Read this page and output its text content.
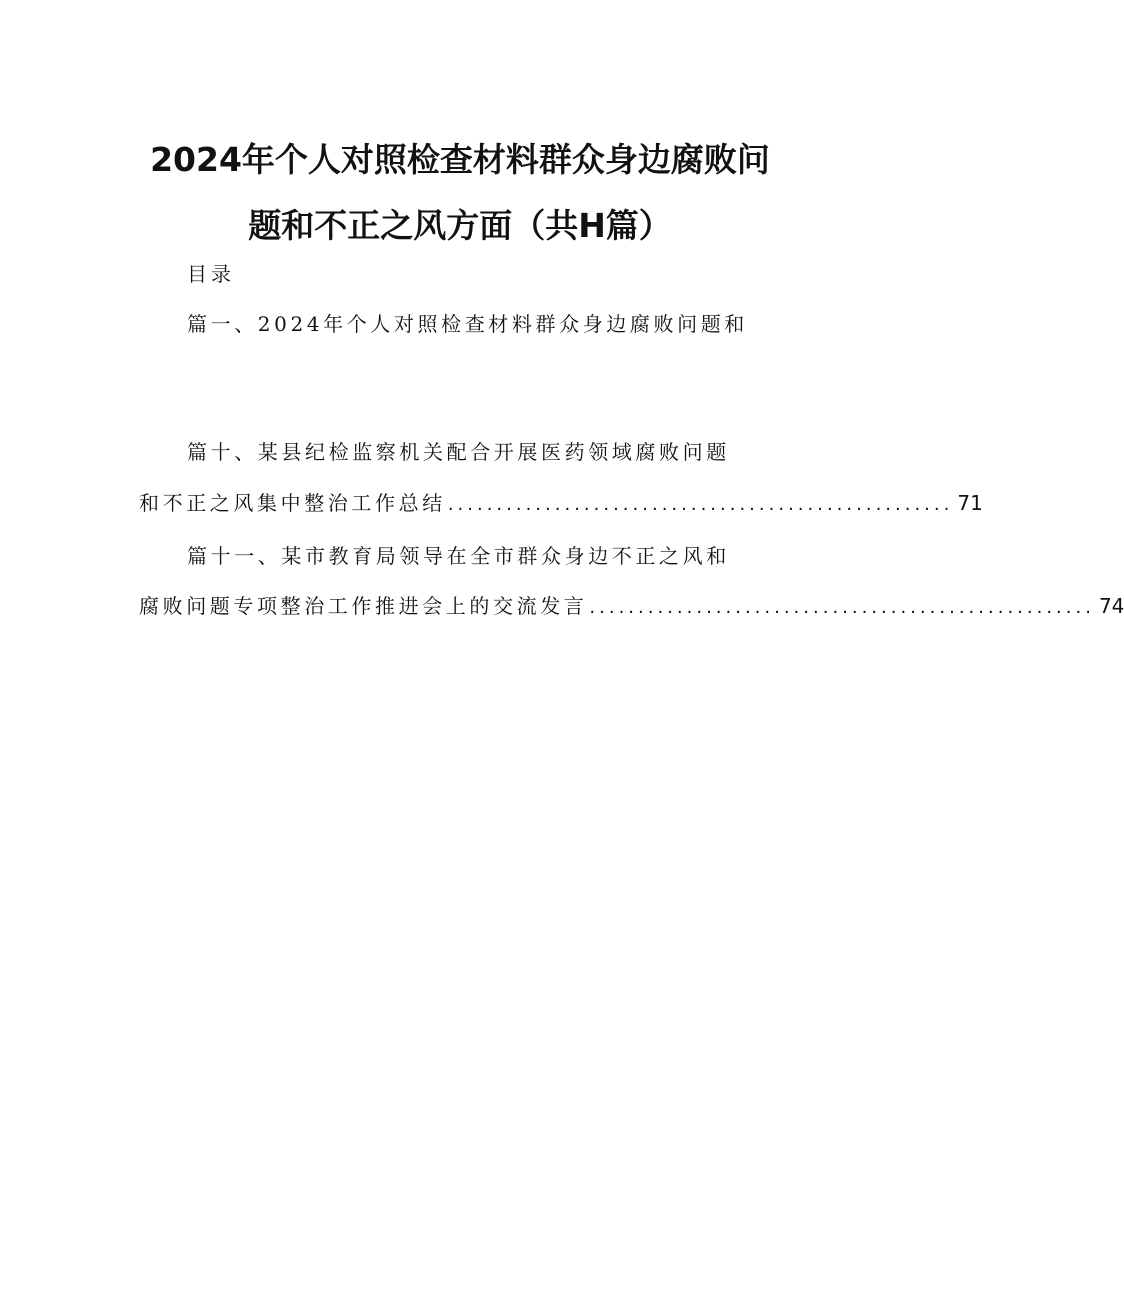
2024年个人对照检查材料群众身边腐败问
题和不正之风方面（共H篇）
目录
篇一、2024年个人对照检查材料群众身边腐败问题和
篇十、某县纪检监察机关配合开展医药领域腐败问题
和不正之风集中整治工作总结 .................................................... 71
篇十一、某市教育局领导在全市群众身边不正之风和
腐败问题专项整治工作推进会上的交流发言 .................................................... 74
